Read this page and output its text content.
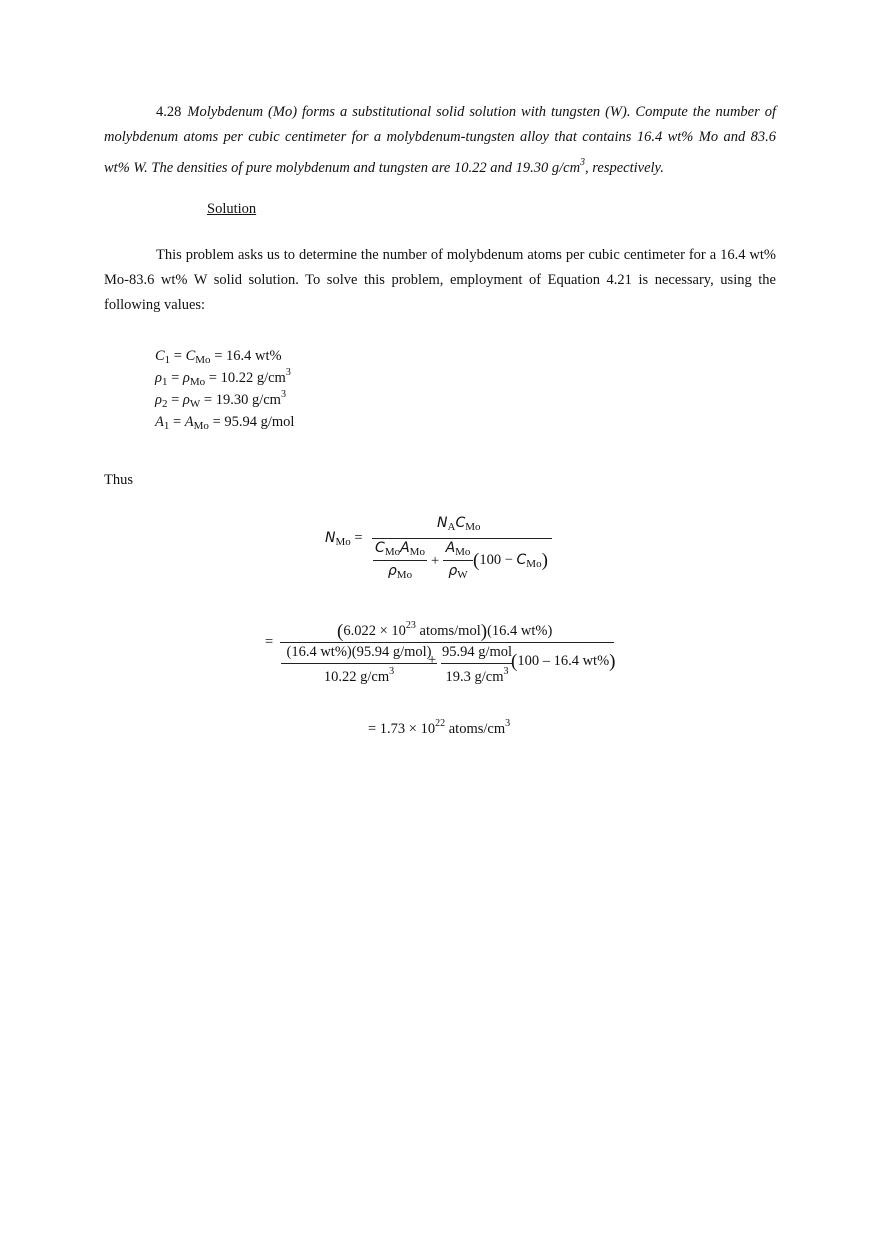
4.28 Molybdenum (Mo) forms a substitutional solid solution with tungsten (W). Compute the number of molybdenum atoms per cubic centimeter for a molybdenum-tungsten alloy that contains 16.4 wt% Mo and 83.6 wt% W. The densities of pure molybdenum and tungsten are 10.22 and 19.30 $g/cm^3$, respectively.
Solution
This problem asks us to determine the number of molybdenum atoms per cubic centimeter for a 16.4 wt% Mo-83.6 wt% W solid solution. To solve this problem, employment of Equation 4.21 is necessary, using the following values:
$C_1 = C_{Mo} = 16.4$ wt%
$\rho_1 = \rho_{Mo} = 10.22$ $g/cm^3$
$\rho_2 = \rho_W = 19.30$ $g/cm^3$
$A_1 = A_{Mo} = 95.94$ g/mol
Thus
$N_{Mo}$ =
$N_AC_{Mo}$
$C_{Mo}A_{Mo}$
$\rho_{Mo}$
+
$A_{Mo}$
$\rho_W$
$(100 - C_{Mo})$
=	($6.022 \times 10^{23}$ atoms/mol)(16.4 wt%)
(16.4 wt%)(95.94 g/mol)
10.22 $g/cm^3$
+ 95.94 g/mol
19.3 $g/cm^3$ (100 – 16.4 wt%)
= $1.73 \times 10^{22}$ atoms/$cm^3$
